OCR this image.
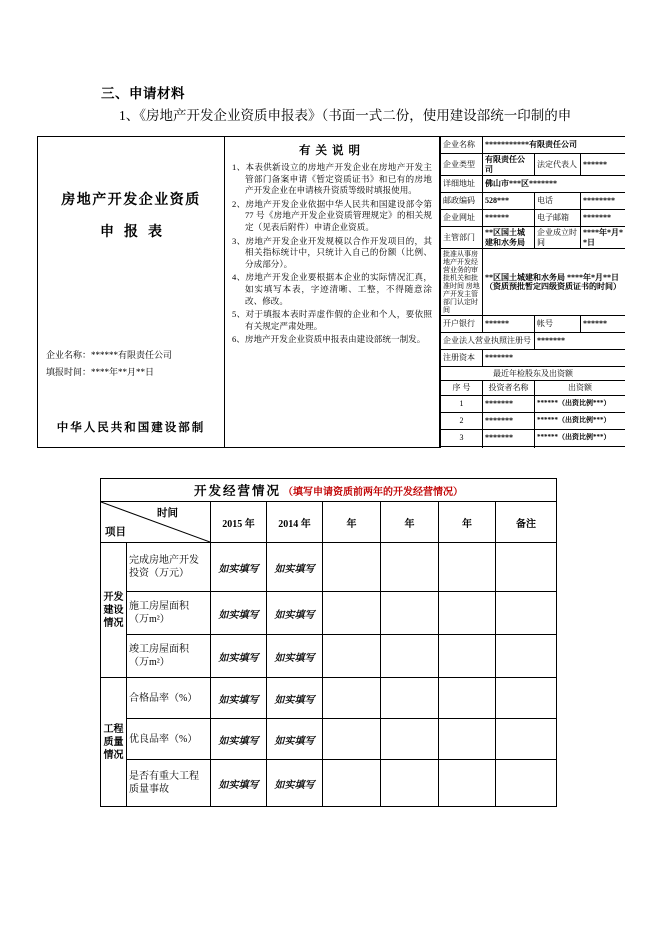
三、申请材料
1、《房地产开发企业资质申报表》（书面一式二份，使用建设部统一印制的申
房地产开发企业资质
申报表
企业名称：******有限责任公司
填报时间：****年**月**日
中华人民共和国建设部制
有关说明
1、本表供新设立的房地产开发企业在房地产开发主管部门备案申请《暂定资质证书》和已有的房地产开发企业在申请核升资质等级时填报使用。
2、房地产开发企业依据中华人民共和国建设部令第 77 号《房地产开发企业资质管理规定》的相关规定（见表后附件）申请企业资质。
3、房地产开发企业开发规模以合作开发项目的，其相关指标统计中，只统计入自己的份额（比例、分成部分）。
4、房地产开发企业要根据本企业的实际情况汇真，如实填写本表，字迹清晰、工整，不得随意涂改、修改。
5、对于填报本表时弄虚作假的企业和个人，要依照有关规定严肃处理。
6、房地产开发企业资质申报表由建设部统一制发。
企业名称	***********有限责任公司		
企业类型	有限责任公司	法定代表人	******
详细地址	佛山市***区*******		
邮政编码	528***	电话	********
企业网址	******	电子邮箱	*******
主管部门	**区国土城建和水务局	企业成立时间	****年*月**日
批准从事房地产开发经营业务的审批机关和批准时间 房地产开发主管部门认定时间	**区国土城建和水务局 ****年*月**日（资质预批暂定四级资质证书的时间）		
开户银行	******	帐号	******
企业法人营业执照注册号		*******	
注册资本	*******		
最近年检股东及出资额			
序 号	投资者名称	出资额	
1	*******	******（出资比例***）	
2	*******	******（出资比例***）	
3	*******	******（出资比例***）	

开发经营情况 （填写申请资质前两年的开发经营情况）							

时间
项目		2015 年	2014 年	年	年	年	备注
开发建设情况	完成房地产开发投资（万元）	如实填写	如实填写				
	施工房屋面积（万m²）	如实填写	如实填写				
	竣工房屋面积（万m²）	如实填写	如实填写				
工程质量情况	合格品率（%）	如实填写	如实填写				
	优良品率（%）	如实填写	如实填写				
	是否有重大工程质量事故	如实填写	如实填写				
